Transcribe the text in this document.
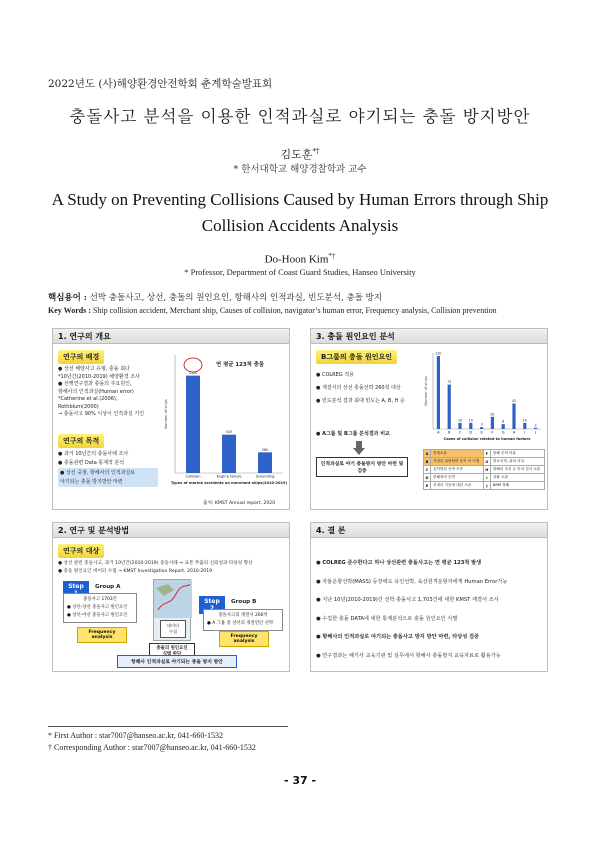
2022년도 (사)해양환경안전학회 춘계학술발표회
충돌사고 분석을 이용한 인적과실로 야기되는 충돌 방지방안
김도훈*†
* 한서대학교 해양경찰학과 교수
A Study on Preventing Collisions Caused by Human Errors through Ship
Collision Accidents Analysis
Do-Hoon Kim*†
* Professor, Department of Coast Guard Studies, Hanseo University
핵심용어 : 선박 충돌사고, 상선, 충돌의 원인요인, 항해사의 인적과실, 빈도분석, 충돌 방지
Key Words : Ship collision accident, Merchant ship, Causes of collision, navigator’s human error, Frequency analysis, Collision prevention
1. 연구의 개요
연구의 배경
● 상선 해양사고 유형, 충돌 최다
*10년간(2010-2019) 해양환경 조사
● 선행연구결과 충돌의 주요원인,
항해사의 인적과실(Human error)
*Catherine et al.(2006), Rothblum(2000)
→ 충돌사고 90% 이상이 인적과실 기인
연구의 목적
● 과거 10년간의 충돌사례 조사
● 충돌관련 Data 통계적 분석
● 상선 중점, 항해사의 인적과실로
야기되는 충돌 방지방안 마련
Number of ships
1320
Collision
520
Engine failure
280
Grounding
Types of marine accidents on merchant ships(2010-2019)
연 평균 123척 충돌
출처: KMST Annual report, 2020
3. 충돌 원인요인 분석
B그룹의 충돌 원인요인
● COLREG 적용
● 재결서의 상선 충돌선박 260척 대상
● 빈도분석 결과 최대 빈도는 A, B, H 순
● A그룹 및 B그룹 분석결과 비교
인적과실로 야기 충돌방지 방안 마련 및 검증
Number of ships
120
A
73
B
10
C
10
D
3
E
20
F
8
G
42
H
10
I
2
J
Cases of collision related to human factors
A	견계소홀	F	항해 준비 미흡
B	적절한 피항협력 동작 미 이행	G	항로선정, 위치 과실
C	유덕발된 선박 조종	H	항해의 조건 등 미처 검사 소홀
D	항해장비 운반	I	상황 오판
E	선내의 기동에 대한 오판	J	BRM 정해
2. 연구 및 분석방법
연구의 대상
● 상선 관련 충돌사고, 과거 10년간(2010-2019) 충돌사례 ⇒ 표본 추출의 신뢰성과 타당성 향상
● 충돌 원인요인 데이터 수집 → KMST Investigation Report, 2010-2019
Step	Group A
충돌사고 1703건
● 상선-상선 충돌사고 원인요인
● 상선-어선 충돌사고 원인요인
데이터
수집
충돌의 원인요인

Step	Group B
충돌사고의 재결서 260척
● A 그룹 중 상선의 재결연안 선박
Frequency analysis	Frequency analysis
항해사 인적과실로 야기되는 충돌 방지 방안
4. 결 론
● COLREG 준수한다고 하나 상선관련 충돌사고는 연 평균 123척 발생
● 자율운항선박(MASS) 등장에도 유인선박, 육상원격운항자에게 Human Error가능
● 지난 10년(2010-2019)간 선박 충돌사고 1,703건에 대한 KMST 재결서 조사
● 수집한 충돌 DATA에 대한 통계분석으로 충돌 원인요인 식별
● 항해사의 인적과실로 야기되는 충돌사고 방지 방안 마련, 타당성 검증
● 연구결과는 해기사 교육기관 및 실무에서 항해사 충돌방지 교육자료로 활용가능
* First Author : star7007@hanseo.ac.kr, 041-660-1532
† Corresponding Author : star7007@hanseo.ac.kr, 041-660-1532
- 37 -
